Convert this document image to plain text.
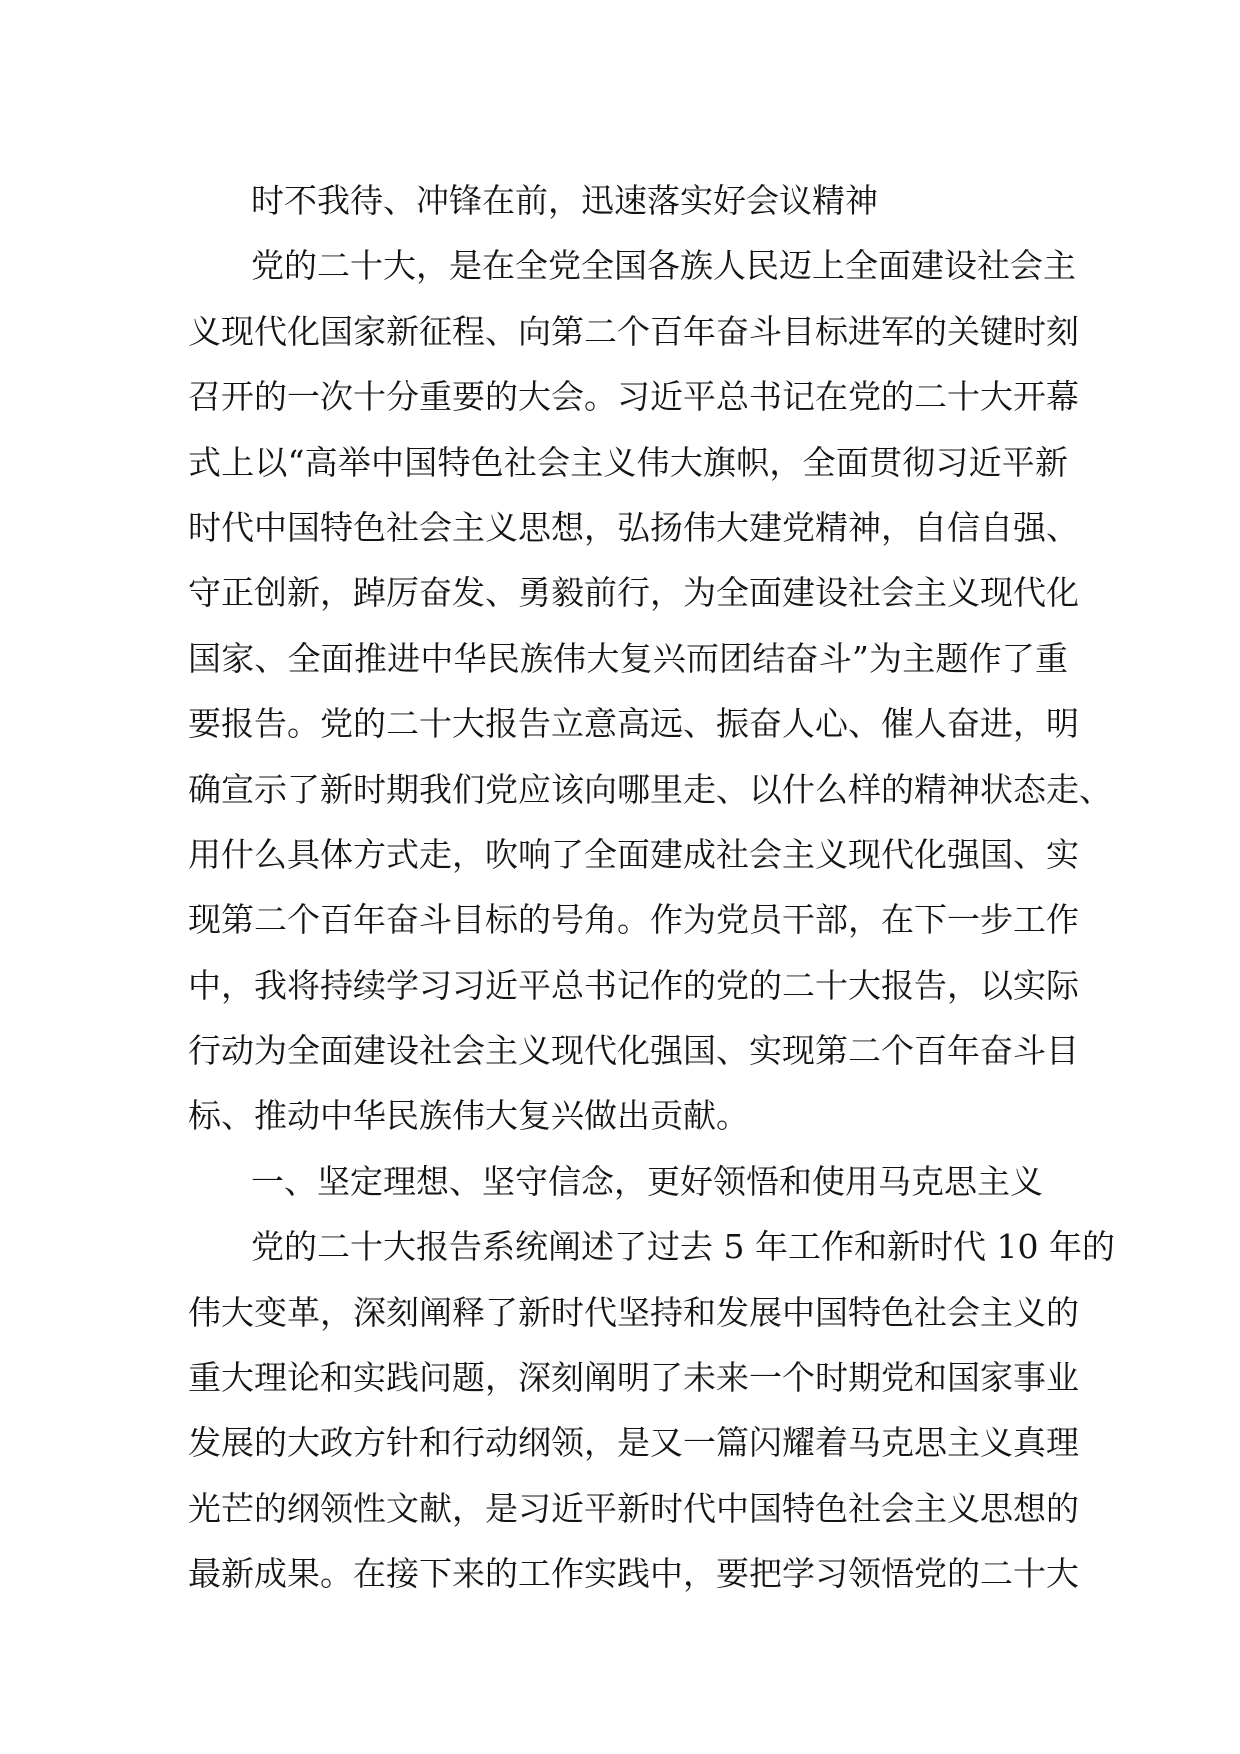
时不我待、冲锋在前，迅速落实好会议精神
党的二十大，是在全党全国各族人民迈上全面建设社会主
义现代化国家新征程、向第二个百年奋斗目标进军的关键时刻
召开的一次十分重要的大会。习近平总书记在党的二十大开幕
式上以“高举中国特色社会主义伟大旗帜，全面贯彻习近平新
时代中国特色社会主义思想，弘扬伟大建党精神，自信自强、
守正创新，踔厉奋发、勇毅前行，为全面建设社会主义现代化
国家、全面推进中华民族伟大复兴而团结奋斗”为主题作了重
要报告。党的二十大报告立意高远、振奋人心、催人奋进，明
确宣示了新时期我们党应该向哪里走、以什么样的精神状态走、
用什么具体方式走，吹响了全面建成社会主义现代化强国、实
现第二个百年奋斗目标的号角。作为党员干部，在下一步工作
中，我将持续学习习近平总书记作的党的二十大报告，以实际
行动为全面建设社会主义现代化强国、实现第二个百年奋斗目
标、推动中华民族伟大复兴做出贡献。
一、坚定理想、坚守信念，更好领悟和使用马克思主义
党的二十大报告系统阐述了过去 5 年工作和新时代 10 年的
伟大变革，深刻阐释了新时代坚持和发展中国特色社会主义的
重大理论和实践问题，深刻阐明了未来一个时期党和国家事业
发展的大政方针和行动纲领，是又一篇闪耀着马克思主义真理
光芒的纲领性文献，是习近平新时代中国特色社会主义思想的
最新成果。在接下来的工作实践中，要把学习领悟党的二十大
